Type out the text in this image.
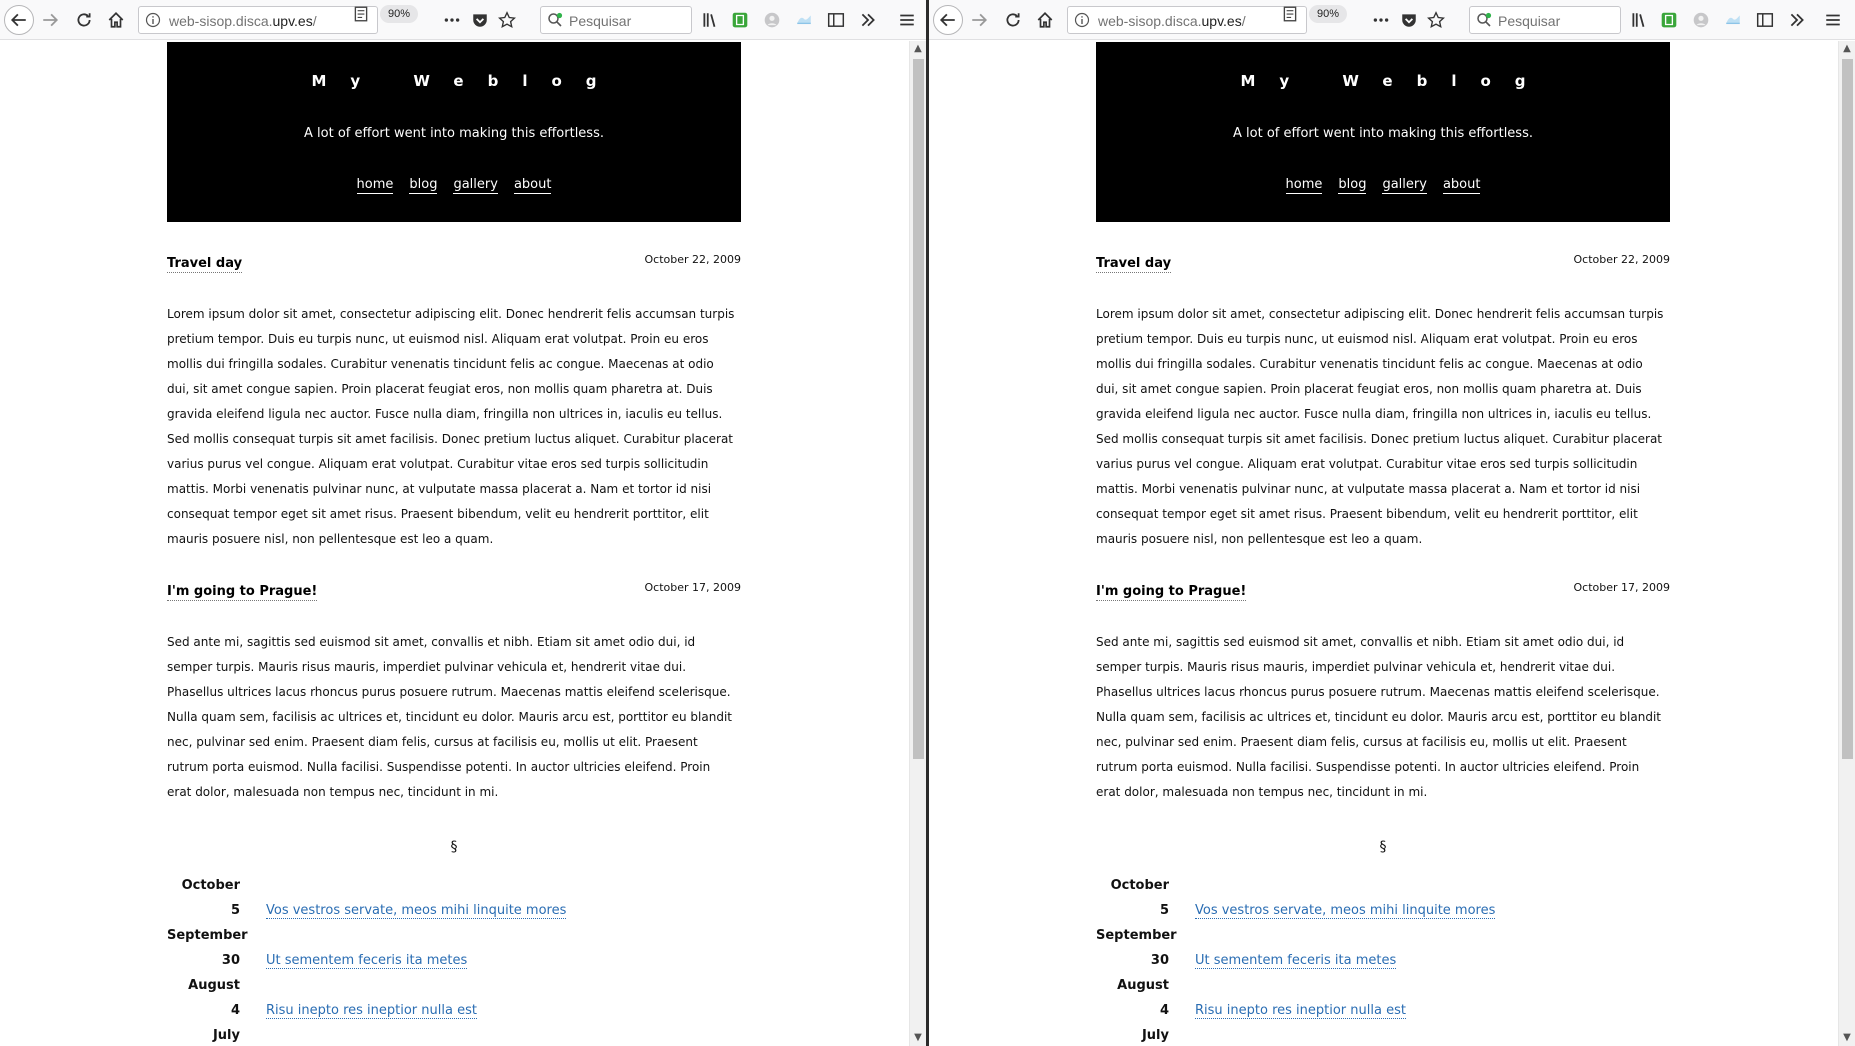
web-sisop.disca.upv.es/	90%	Pesquisar
My Weblog
A lot of effort went into making this effortless.
home blog gallery about
Travel day	October 22, 2009
Lorem ipsum dolor sit amet, consectetur adipiscing elit. Donec hendrerit felis accumsan turpis pretium tempor. Duis eu turpis nunc, ut euismod nisl. Aliquam erat volutpat. Proin eu eros mollis dui fringilla sodales. Curabitur venenatis tincidunt felis ac congue. Maecenas at odio dui, sit amet congue sapien. Proin placerat feugiat eros, non mollis quam pharetra at. Duis gravida eleifend ligula nec auctor. Fusce nulla diam, fringilla non ultrices in, iaculis eu tellus. Sed mollis consequat turpis sit amet facilisis. Donec pretium luctus aliquet. Curabitur placerat varius purus vel congue. Aliquam erat volutpat. Curabitur vitae eros sed turpis sollicitudin mattis. Morbi venenatis pulvinar nunc, at vulputate massa placerat a. Nam et tortor id nisi consequat tempor eget sit amet risus. Praesent bibendum, velit eu hendrerit porttitor, elit mauris posuere nisl, non pellentesque est leo a quam.
I'm going to Prague!	October 17, 2009
Sed ante mi, sagittis sed euismod sit amet, convallis et nibh. Etiam sit amet odio dui, id semper turpis. Mauris risus mauris, imperdiet pulvinar vehicula et, hendrerit vitae dui. Phasellus ultrices lacus rhoncus purus posuere rutrum. Maecenas mattis eleifend scelerisque. Nulla quam sem, facilisis ac ultrices et, tincidunt eu dolor. Mauris arcu est, porttitor eu blandit nec, pulvinar sed enim. Praesent diam felis, cursus at facilisis eu, mollis ut elit. Praesent rutrum porta euismod. Nulla facilisi. Suspendisse potenti. In auctor ultricies eleifend. Proin erat dolor, malesuada non tempus nec, tincidunt in mi.
§
October
5 Vos vestros servate, meos mihi linquite mores
September
30 Ut sementem feceris ita metes
August
4 Risu inepto res ineptior nulla est
July
▲
▼
web-sisop.disca.upv.es/	90%	Pesquisar
My Weblog
A lot of effort went into making this effortless.
home blog gallery about
Travel day	October 22, 2009
Lorem ipsum dolor sit amet, consectetur adipiscing elit. Donec hendrerit felis accumsan turpis pretium tempor. Duis eu turpis nunc, ut euismod nisl. Aliquam erat volutpat. Proin eu eros mollis dui fringilla sodales. Curabitur venenatis tincidunt felis ac congue. Maecenas at odio dui, sit amet congue sapien. Proin placerat feugiat eros, non mollis quam pharetra at. Duis gravida eleifend ligula nec auctor. Fusce nulla diam, fringilla non ultrices in, iaculis eu tellus. Sed mollis consequat turpis sit amet facilisis. Donec pretium luctus aliquet. Curabitur placerat varius purus vel congue. Aliquam erat volutpat. Curabitur vitae eros sed turpis sollicitudin mattis. Morbi venenatis pulvinar nunc, at vulputate massa placerat a. Nam et tortor id nisi consequat tempor eget sit amet risus. Praesent bibendum, velit eu hendrerit porttitor, elit mauris posuere nisl, non pellentesque est leo a quam.
I'm going to Prague!	October 17, 2009
Sed ante mi, sagittis sed euismod sit amet, convallis et nibh. Etiam sit amet odio dui, id semper turpis. Mauris risus mauris, imperdiet pulvinar vehicula et, hendrerit vitae dui. Phasellus ultrices lacus rhoncus purus posuere rutrum. Maecenas mattis eleifend scelerisque. Nulla quam sem, facilisis ac ultrices et, tincidunt eu dolor. Mauris arcu est, porttitor eu blandit nec, pulvinar sed enim. Praesent diam felis, cursus at facilisis eu, mollis ut elit. Praesent rutrum porta euismod. Nulla facilisi. Suspendisse potenti. In auctor ultricies eleifend. Proin erat dolor, malesuada non tempus nec, tincidunt in mi.
§
October
5 Vos vestros servate, meos mihi linquite mores
September
30 Ut sementem feceris ita metes
August
4 Risu inepto res ineptior nulla est
July
▲
▼
